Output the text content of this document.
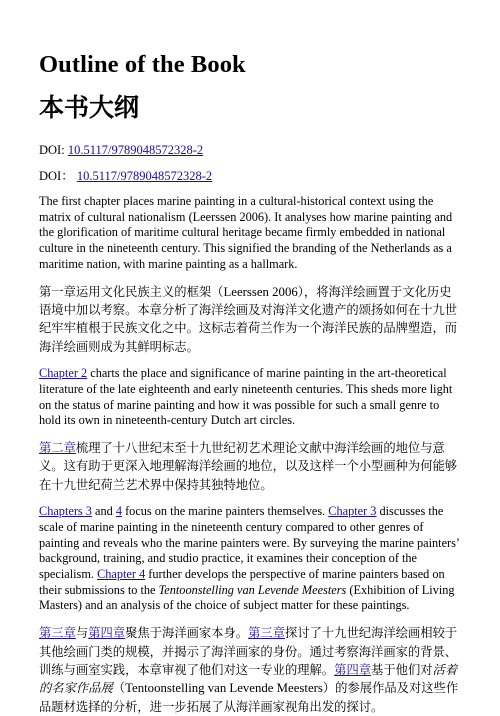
Outline of the Book
本书大纲

DOI: 10.5117/9789048572328-2

DOI： 10.5117/9789048572328-2

The first chapter places marine painting in a cultural-historical context using the matrix of cultural nationalism (Leerssen 2006). It analyses how marine painting and the glorification of maritime cultural heritage became firmly embedded in national culture in the nineteenth century. This signified the branding of the Netherlands as a maritime nation, with marine painting as a hallmark.

第一章运用文化民族主义的框架（Leerssen 2006），将海洋绘画置于文化历史语境中加以考察。本章分析了海洋绘画及对海洋文化遗产的颂扬如何在十九世纪牢牢植根于民族文化之中。这标志着荷兰作为一个海洋民族的品牌塑造，而海洋绘画则成为其鲜明标志。

Chapter 2 charts the place and significance of marine painting in the art-theoretical literature of the late eighteenth and early nineteenth centuries. This sheds more light on the status of marine painting and how it was possible for such a small genre to hold its own in nineteenth-century Dutch art circles.

第二章梳理了十八世纪末至十九世纪初艺术理论文献中海洋绘画的地位与意义。这有助于更深入地理解海洋绘画的地位，以及这样一个小型画种为何能够在十九世纪荷兰艺术界中保持其独特地位。

Chapters 3 and 4 focus on the marine painters themselves. Chapter 3 discusses the scale of marine painting in the nineteenth century compared to other genres of painting and reveals who the marine painters were. By surveying the marine painters’ background, training, and studio practice, it examines their conception of the specialism. Chapter 4 further develops the perspective of marine painters based on their submissions to the Tentoonstelling van Levende Meesters (Exhibition of Living Masters) and an analysis of the choice of subject matter for these paintings.

第三章与第四章聚焦于海洋画家本身。第三章探讨了十九世纪海洋绘画相较于其他绘画门类的规模，并揭示了海洋画家的身份。通过考察海洋画家的背景、训练与画室实践，本章审视了他们对这一专业的理解。第四章基于他们对活着的名家作品展（Tentoonstelling van Levende Meesters）的参展作品及对这些作品题材选择的分析，进一步拓展了从海洋画家视角出发的探讨。
